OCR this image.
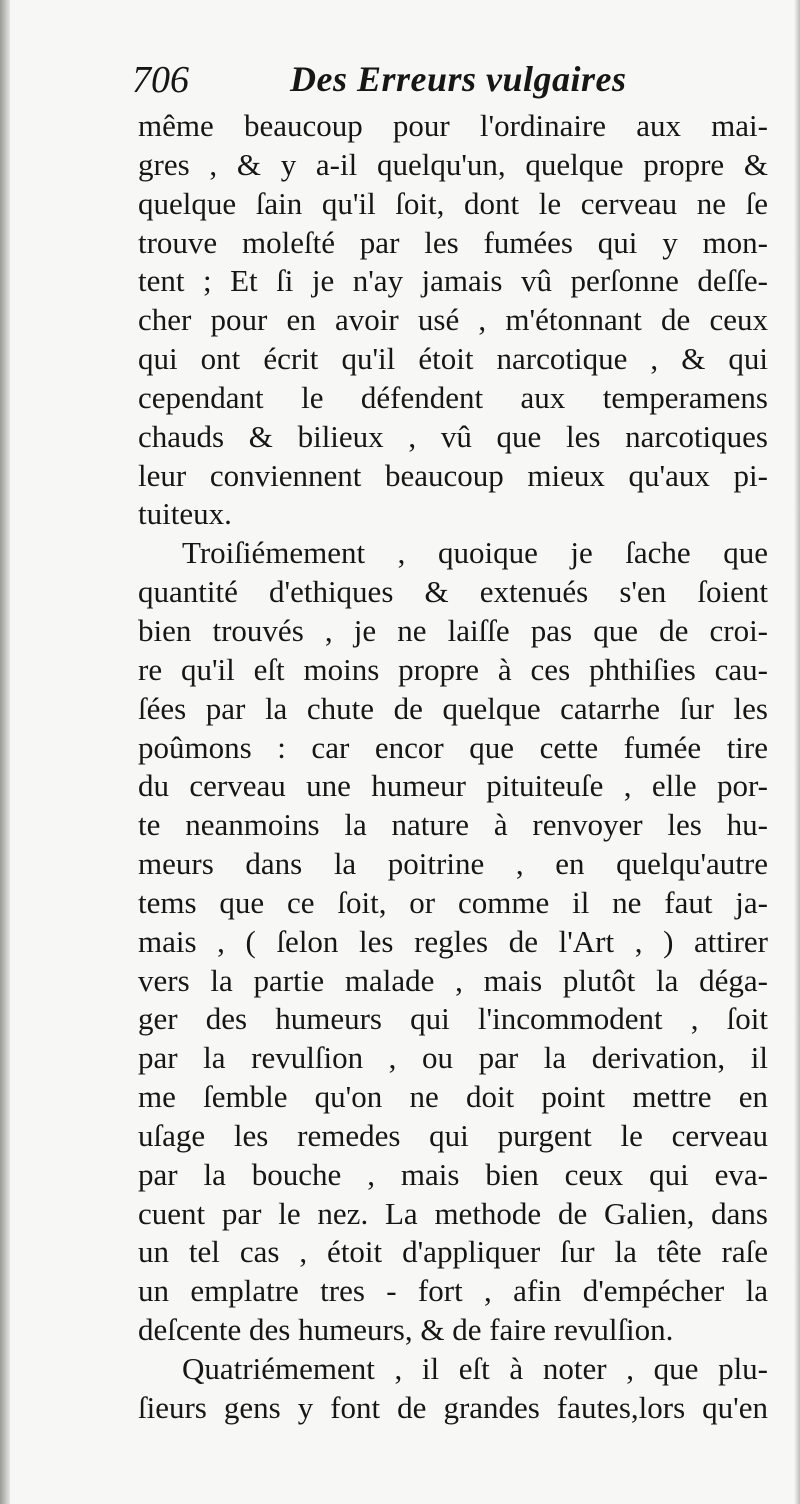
706	Des Erreurs vulgaires
même beaucoup pour l'ordinaire aux mai-
gres , & y a-il quelqu'un, quelque propre &
quelque ſain qu'il ſoit, dont le cerveau ne ſe
trouve moleſté par les fumées qui y mon-
tent ; Et ſi je n'ay jamais vû perſonne deſſe-
cher pour en avoir usé , m'étonnant de ceux
qui ont écrit qu'il étoit narcotique , & qui
cependant le défendent aux temperamens
chauds & bilieux , vû que les narcotiques
leur conviennent beaucoup mieux qu'aux pi-
tuiteux.
Troiſiémement , quoique je ſache que
quantité d'ethiques & extenués s'en ſoient
bien trouvés , je ne laiſſe pas que de croi-
re qu'il eſt moins propre à ces phthiſies cau-
ſées par la chute de quelque catarrhe ſur les
poûmons : car encor que cette fumée tire
du cerveau une humeur pituiteuſe , elle por-
te neanmoins la nature à renvoyer les hu-
meurs dans la poitrine , en quelqu'autre
tems que ce ſoit, or comme il ne faut ja-
mais , ( ſelon les regles de l'Art , ) attirer
vers la partie malade , mais plutôt la déga-
ger des humeurs qui l'incommodent , ſoit
par la revulſion , ou par la derivation, il
me ſemble qu'on ne doit point mettre en
uſage les remedes qui purgent le cerveau
par la bouche , mais bien ceux qui eva-
cuent par le nez. La methode de Galien, dans
un tel cas , étoit d'appliquer ſur la tête raſe
un emplatre tres - fort , afin d'empécher la
deſcente des humeurs, & de faire revulſion.
Quatriémement , il eſt à noter , que plu-
ſieurs gens y font de grandes fautes,lors qu'en
